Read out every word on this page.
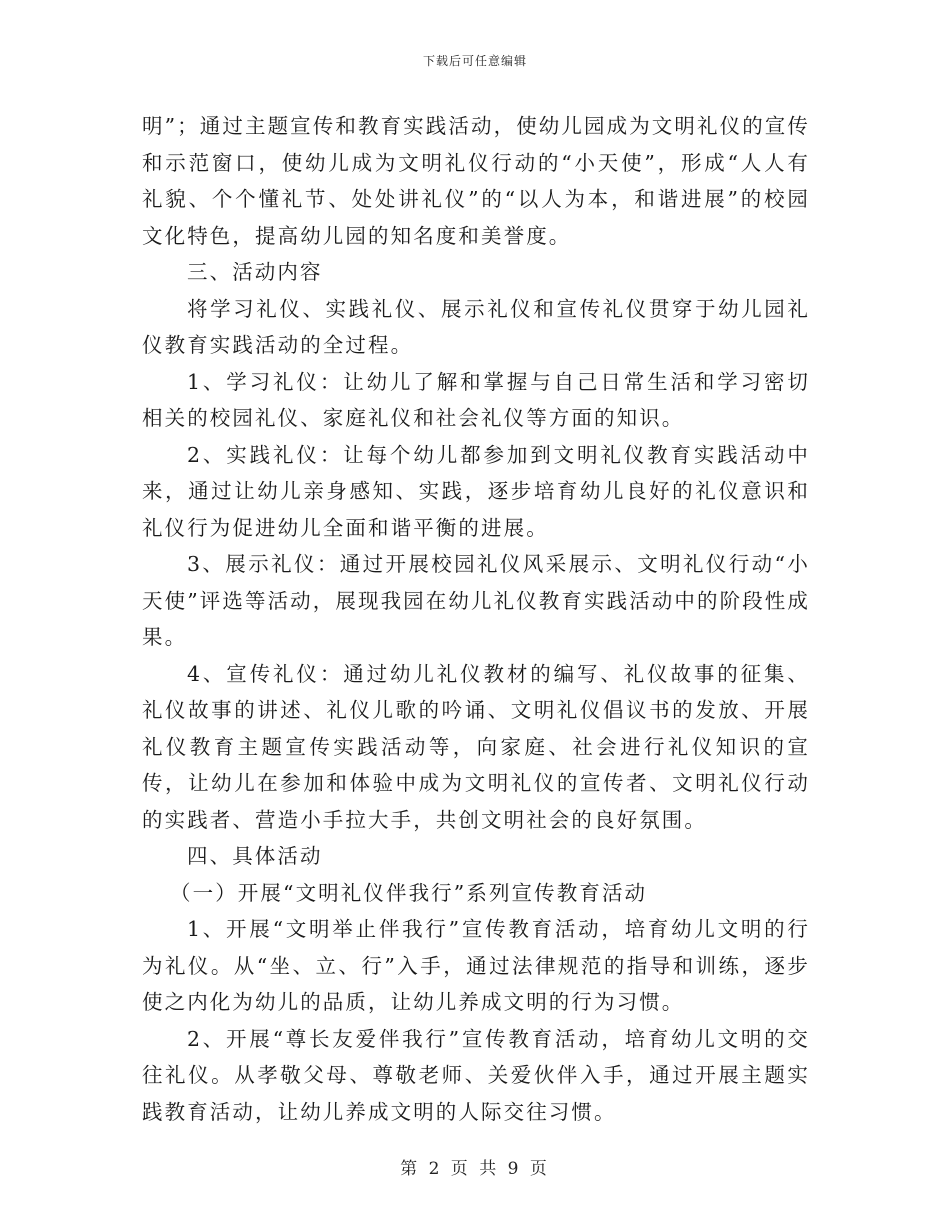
下载后可任意编辑

明”；通过主题宣传和教育实践活动，使幼儿园成为文明礼仪的宣传和示范窗口，使幼儿成为文明礼仪行动的“小天使”，形成“人人有礼貌、个个懂礼节、处处讲礼仪”的“以人为本，和谐进展”的校园文化特色，提高幼儿园的知名度和美誉度。

三、活动内容

将学习礼仪、实践礼仪、展示礼仪和宣传礼仪贯穿于幼儿园礼仪教育实践活动的全过程。

1、学习礼仪：让幼儿了解和掌握与自己日常生活和学习密切相关的校园礼仪、家庭礼仪和社会礼仪等方面的知识。

2、实践礼仪：让每个幼儿都参加到文明礼仪教育实践活动中来，通过让幼儿亲身感知、实践，逐步培育幼儿良好的礼仪意识和礼仪行为促进幼儿全面和谐平衡的进展。

3、展示礼仪：通过开展校园礼仪风采展示、文明礼仪行动“小天使”评选等活动，展现我园在幼儿礼仪教育实践活动中的阶段性成果。

4、宣传礼仪：通过幼儿礼仪教材的编写、礼仪故事的征集、礼仪故事的讲述、礼仪儿歌的吟诵、文明礼仪倡议书的发放、开展礼仪教育主题宣传实践活动等，向家庭、社会进行礼仪知识的宣传，让幼儿在参加和体验中成为文明礼仪的宣传者、文明礼仪行动的实践者、营造小手拉大手，共创文明社会的良好氛围。

四、具体活动

（一）开展“文明礼仪伴我行”系列宣传教育活动

1、开展“文明举止伴我行”宣传教育活动，培育幼儿文明的行为礼仪。从“坐、立、行”入手，通过法律规范的指导和训练，逐步使之内化为幼儿的品质，让幼儿养成文明的行为习惯。

2、开展“尊长友爱伴我行”宣传教育活动，培育幼儿文明的交往礼仪。从孝敬父母、尊敬老师、关爱伙伴入手，通过开展主题实践教育活动，让幼儿养成文明的人际交往习惯。

第 2 页 共 9 页
